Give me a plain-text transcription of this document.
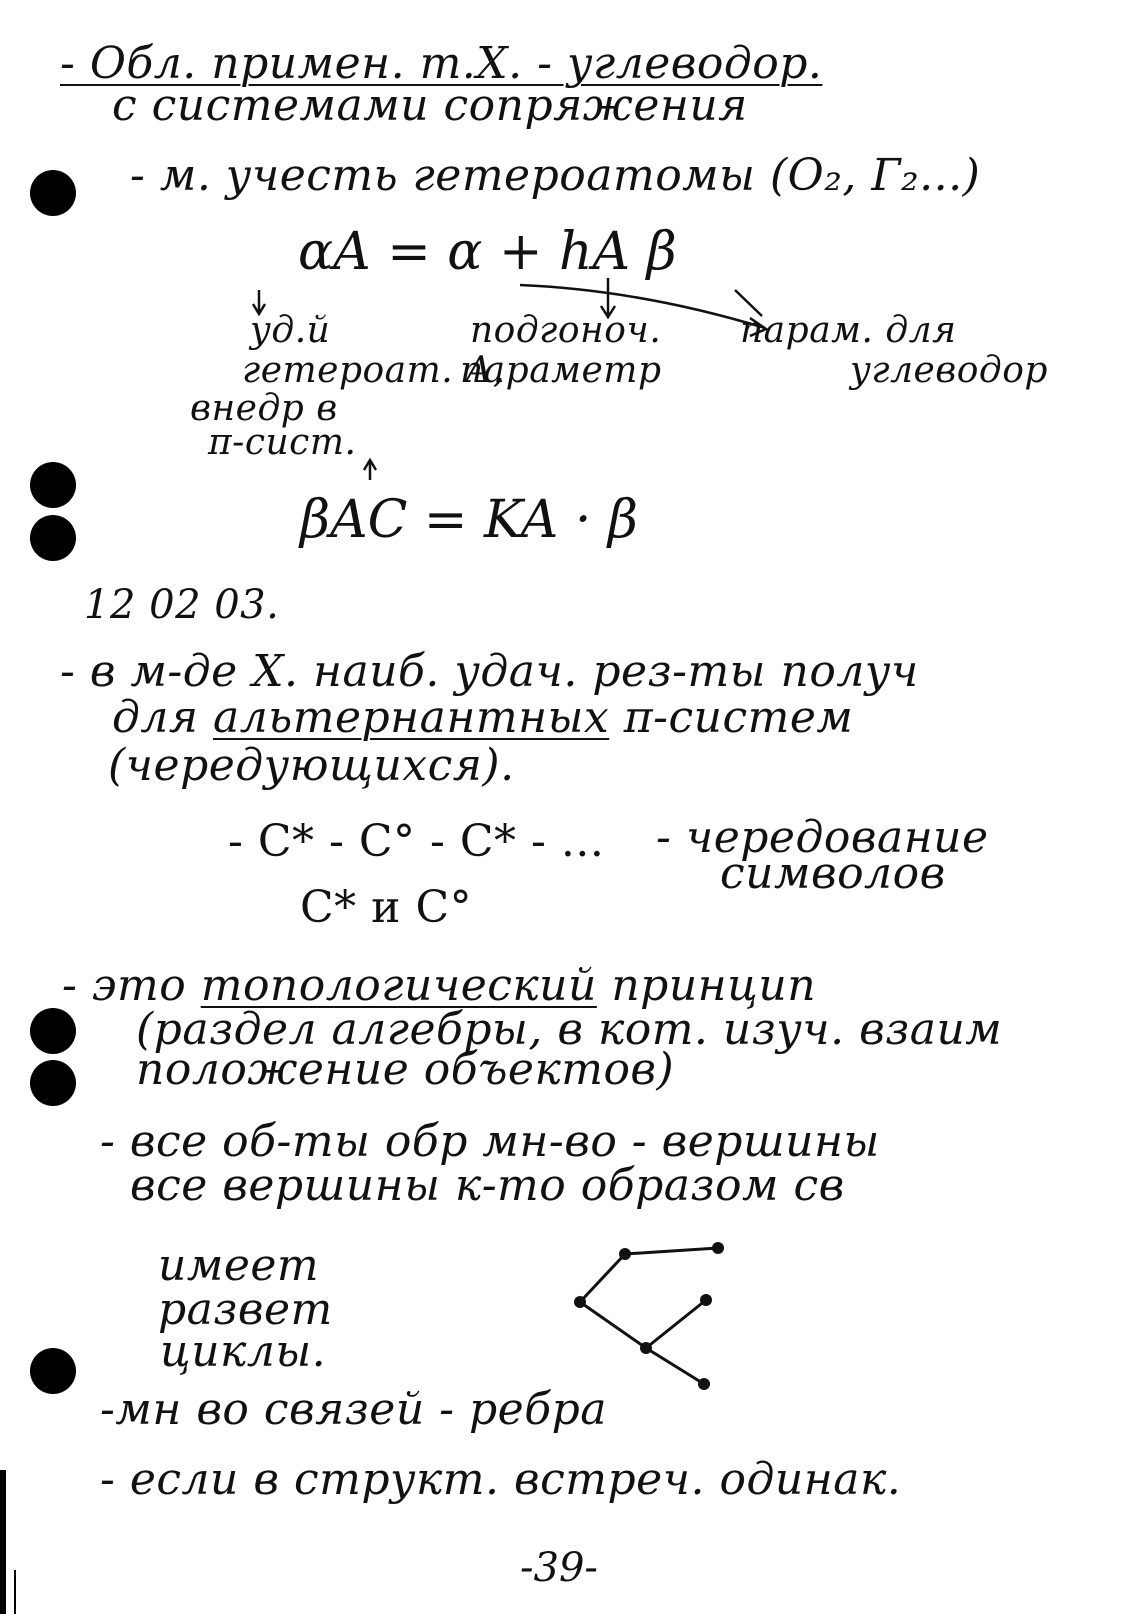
- Обл. примен. т.Х. - углеводор.
с системами сопряжения
- м. учесть гетероатомы (O₂, Г₂...)
αA = α + hA β
уд.й
гетероат. А,
внедр в
π-сист.
подгонoч.
параметр
парам. для
углеводор
βAC = KA · β
12 02 03.
- в м-де Х. наиб. удач. рез-ты получ
для альтернантных π-систем
(чередующихся).
- C* - C° - C* - ... - чередование
символов
C* и C°
- это топологический принцип
(раздел алгебры, в кот. изуч. взаим
положение объектов)
- все об-ты обр мн-во - вершины
все вершины к-то образом св
имеет
развет
циклы.
-мн во связей - ребра
- если в структ. встреч. одинак.
-39-
